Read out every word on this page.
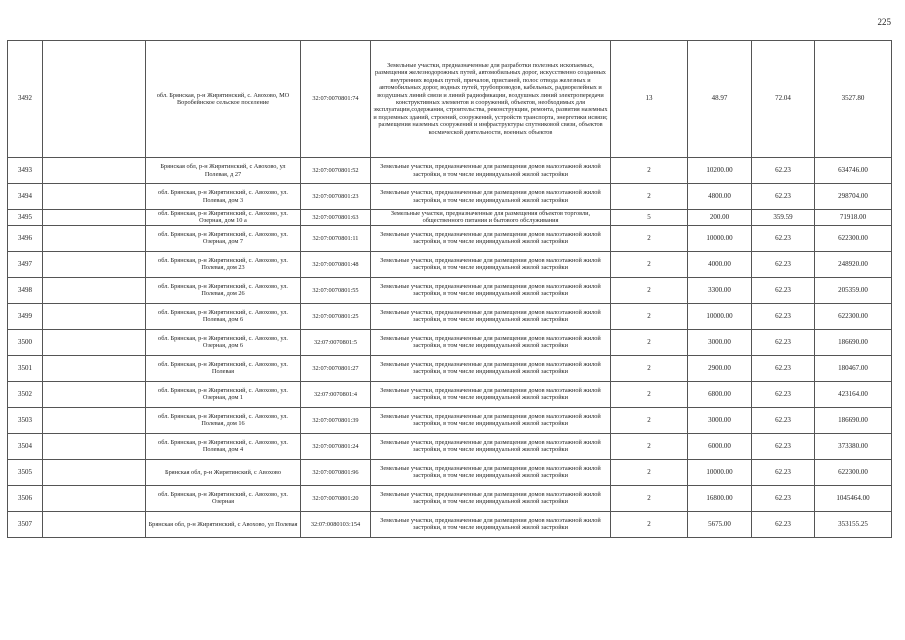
225
3492		обл. Брянская, р-н Жирятинский, с. Авохово, МО Воробейнское сельское поселение	32:07:0070801:74	Земельные участки, предназначенные для разработки полезных ископаемых, размещения железнодорожных путей, автомобильных дорог, искусственно созданных внутренних водных путей, причалов, пристаней, полос отвода железных и автомобильных дорог, водных путей, трубопроводов, кабельных, радиорелейных и воздушных линий связи и линий радиофикации, воздушных линий электропередачи конструктивных элементов и сооружений, объектов, необходимых для эксплуатации,содержания, строительства, реконструкции, ремонта, развития наземных и подземных зданий, строений, сооружений, устройств транспорта, энергетики исвязи; размещения наземных сооружений и инфраструктуры спутниковой связи, объектов космической деятельности, военных объектов	13	48.97	72.04	3527.80
3493		Брянская обл, р-н Жирятинский, с Авохово, ул Полевая, д 27	32:07:0070801:52	Земельные участки, предназначенные для размещения домов малоэтажной жилой застройки, в том числе индивидуальной жилой застройки	2	10200.00	62.23	634746.00
3494		обл. Брянская, р-н Жирятинский, с. Авохово, ул. Полевая, дом 3	32:07:0070801:23	Земельные участки, предназначенные для размещения домов малоэтажной жилой застройки, в том числе индивидуальной жилой застройки	2	4800.00	62.23	298704.00
3495		обл. Брянская, р-н Жирятинский, с. Авохово, ул. Озерная, дом 10 а	32:07:0070801:63	Земельные участки, предназначенные для размещения объектов торговли, общественного питания и бытового обслуживания	5	200.00	359.59	71918.00
3496		обл. Брянская, р-н Жирятинский, с. Авохово, ул. Озерная, дом 7	32:07:0070801:11	Земельные участки, предназначенные для размещения домов малоэтажной жилой застройки, в том числе индивидуальной жилой застройки	2	10000.00	62.23	622300.00
3497		обл. Брянская, р-н Жирятинский, с. Авохово, ул. Полевая, дом 23	32:07:0070801:48	Земельные участки, предназначенные для размещения домов малоэтажной жилой застройки, в том числе индивидуальной жилой застройки	2	4000.00	62.23	248920.00
3498		обл. Брянская, р-н Жирятинский, с. Авохово, ул. Полевая, дом 26	32:07:0070801:55	Земельные участки, предназначенные для размещения домов малоэтажной жилой застройки, в том числе индивидуальной жилой застройки	2	3300.00	62.23	205359.00
3499		обл. Брянская, р-н Жирятинский, с. Авохово, ул. Полевая, дом 6	32:07:0070801:25	Земельные участки, предназначенные для размещения домов малоэтажной жилой застройки, в том числе индивидуальной жилой застройки	2	10000.00	62.23	622300.00
3500		обл. Брянская, р-н Жирятинский, с. Авохово, ул. Озерная, дом 6	32:07:0070801:5	Земельные участки, предназначенные для размещения домов малоэтажной жилой застройки, в том числе индивидуальной жилой застройки	2	3000.00	62.23	186690.00
3501		обл. Брянская, р-н Жирятинский, с. Авохово, ул. Полевая	32:07:0070801:27	Земельные участки, предназначенные для размещения домов малоэтажной жилой застройки, в том числе индивидуальной жилой застройки	2	2900.00	62.23	180467.00
3502		обл. Брянская, р-н Жирятинский, с. Авохово, ул. Озерная, дом 1	32:07:0070801:4	Земельные участки, предназначенные для размещения домов малоэтажной жилой застройки, в том числе индивидуальной жилой застройки	2	6800.00	62.23	423164.00
3503		обл. Брянская, р-н Жирятинский, с. Авохово, ул. Полевая, дом 16	32:07:0070801:39	Земельные участки, предназначенные для размещения домов малоэтажной жилой застройки, в том числе индивидуальной жилой застройки	2	3000.00	62.23	186690.00
3504		обл. Брянская, р-н Жирятинский, с. Авохово, ул. Полевая, дом 4	32:07:0070801:24	Земельные участки, предназначенные для размещения домов малоэтажной жилой застройки, в том числе индивидуальной жилой застройки	2	6000.00	62.23	373380.00
3505		Брянская обл, р-н Жирятинский, с Авохово	32:07:0070801:96	Земельные участки, предназначенные для размещения домов малоэтажной жилой застройки, в том числе индивидуальной жилой застройки	2	10000.00	62.23	622300.00
3506		обл. Брянская, р-н Жирятинский, с. Авохово, ул. Озерная	32:07:0070801:20	Земельные участки, предназначенные для размещения домов малоэтажной жилой застройки, в том числе индивидуальной жилой застройки	2	16800.00	62.23	1045464.00
3507		Брянская обл, р-н Жирятинский, с Авохово, ул Полевая	32:07:0080103:154	Земельные участки, предназначенные для размещения домов малоэтажной жилой застройки, в том числе индивидуальной жилой застройки	2	5675.00	62.23	353155.25
